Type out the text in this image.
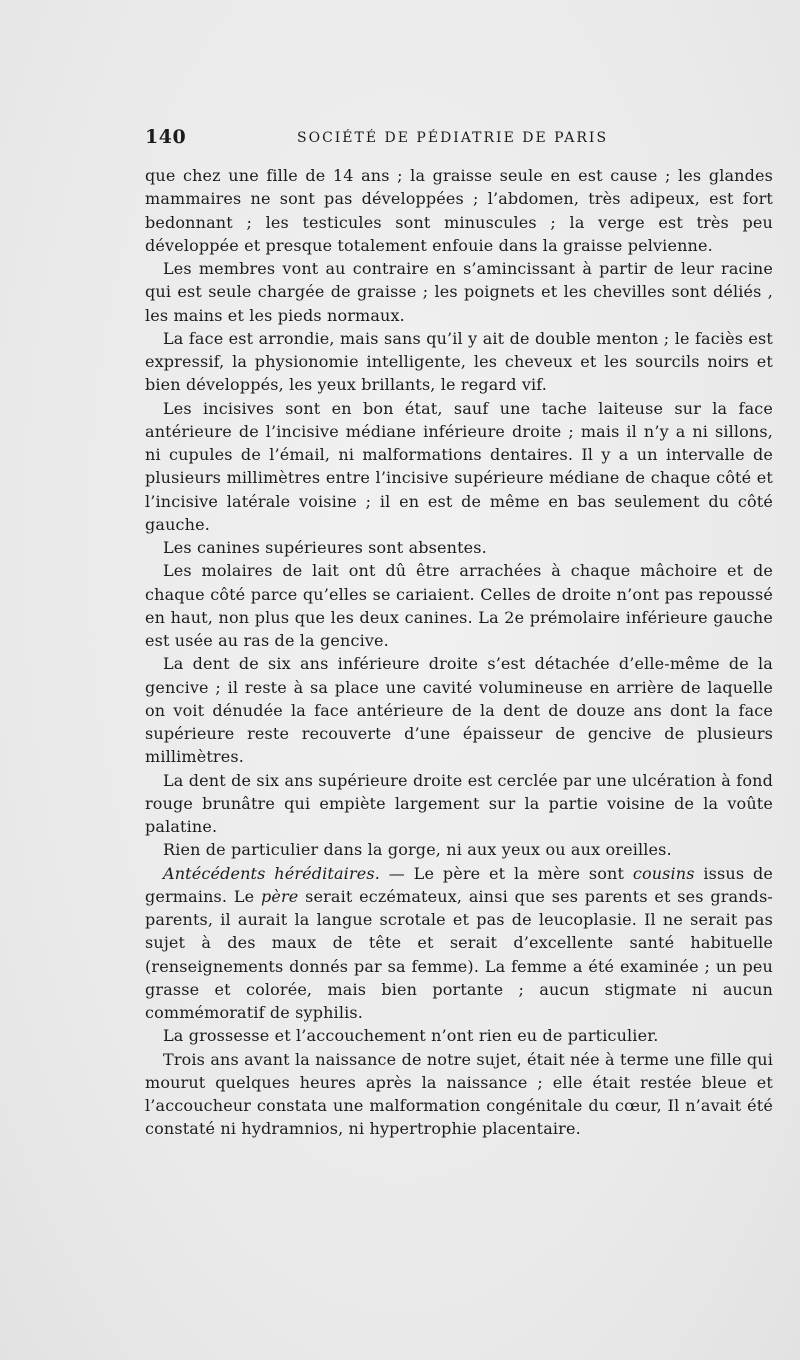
140	SOCIÉTÉ DE PÉDIATRIE DE PARIS

que chez une fille de 14 ans ; la graisse seule en est cause ; les glandes mammaires ne sont pas développées ; l’abdomen, très adipeux, est fort bedonnant ; les testicules sont minuscules ; la verge est très peu développée et presque totalement enfouie dans la graisse pelvienne.

Les membres vont au contraire en s’amincissant à partir de leur racine qui est seule chargée de graisse ; les poignets et les chevilles sont déliés , les mains et les pieds normaux.

La face est arrondie, mais sans qu’il y ait de double menton ; le faciès est expressif, la physionomie intelligente, les cheveux et les sourcils noirs et bien développés, les yeux brillants, le regard vif.

Les incisives sont en bon état, sauf une tache laiteuse sur la face antérieure de l’incisive médiane inférieure droite ; mais il n’y a ni sillons, ni cupules de l’émail, ni malformations dentaires. Il y a un intervalle de plusieurs millimètres entre l’incisive supérieure médiane de chaque côté et l’incisive latérale voisine ; il en est de même en bas seulement du côté gauche.

Les canines supérieures sont absentes.

Les molaires de lait ont dû être arrachées à chaque mâchoire et de chaque côté parce qu’elles se cariaient. Celles de droite n’ont pas repoussé en haut, non plus que les deux canines. La 2e prémolaire inférieure gauche est usée au ras de la gencive.

La dent de six ans inférieure droite s’est détachée d’elle-même de la gencive ; il reste à sa place une cavité volumineuse en arrière de laquelle on voit dénudée la face antérieure de la dent de douze ans dont la face supérieure reste recouverte d’une épaisseur de gencive de plusieurs millimètres.

La dent de six ans supérieure droite est cerclée par une ulcération à fond rouge brunâtre qui empiète largement sur la partie voisine de la voûte palatine.

Rien de particulier dans la gorge, ni aux yeux ou aux oreilles.

Antécédents héréditaires. — Le père et la mère sont cousins issus de germains. Le père serait eczémateux, ainsi que ses parents et ses grands-parents, il aurait la langue scrotale et pas de leucoplasie. Il ne serait pas sujet à des maux de tête et serait d’excellente santé habituelle (renseignements donnés par sa femme). La femme a été examinée ; un peu grasse et colorée, mais bien portante ; aucun stigmate ni aucun commémoratif de syphilis.

La grossesse et l’accouchement n’ont rien eu de particulier.

Trois ans avant la naissance de notre sujet, était née à terme une fille qui mourut quelques heures après la naissance ; elle était restée bleue et l’accoucheur constata une malformation congénitale du cœur, Il n’avait été constaté ni hydramnios, ni hypertrophie placentaire.
